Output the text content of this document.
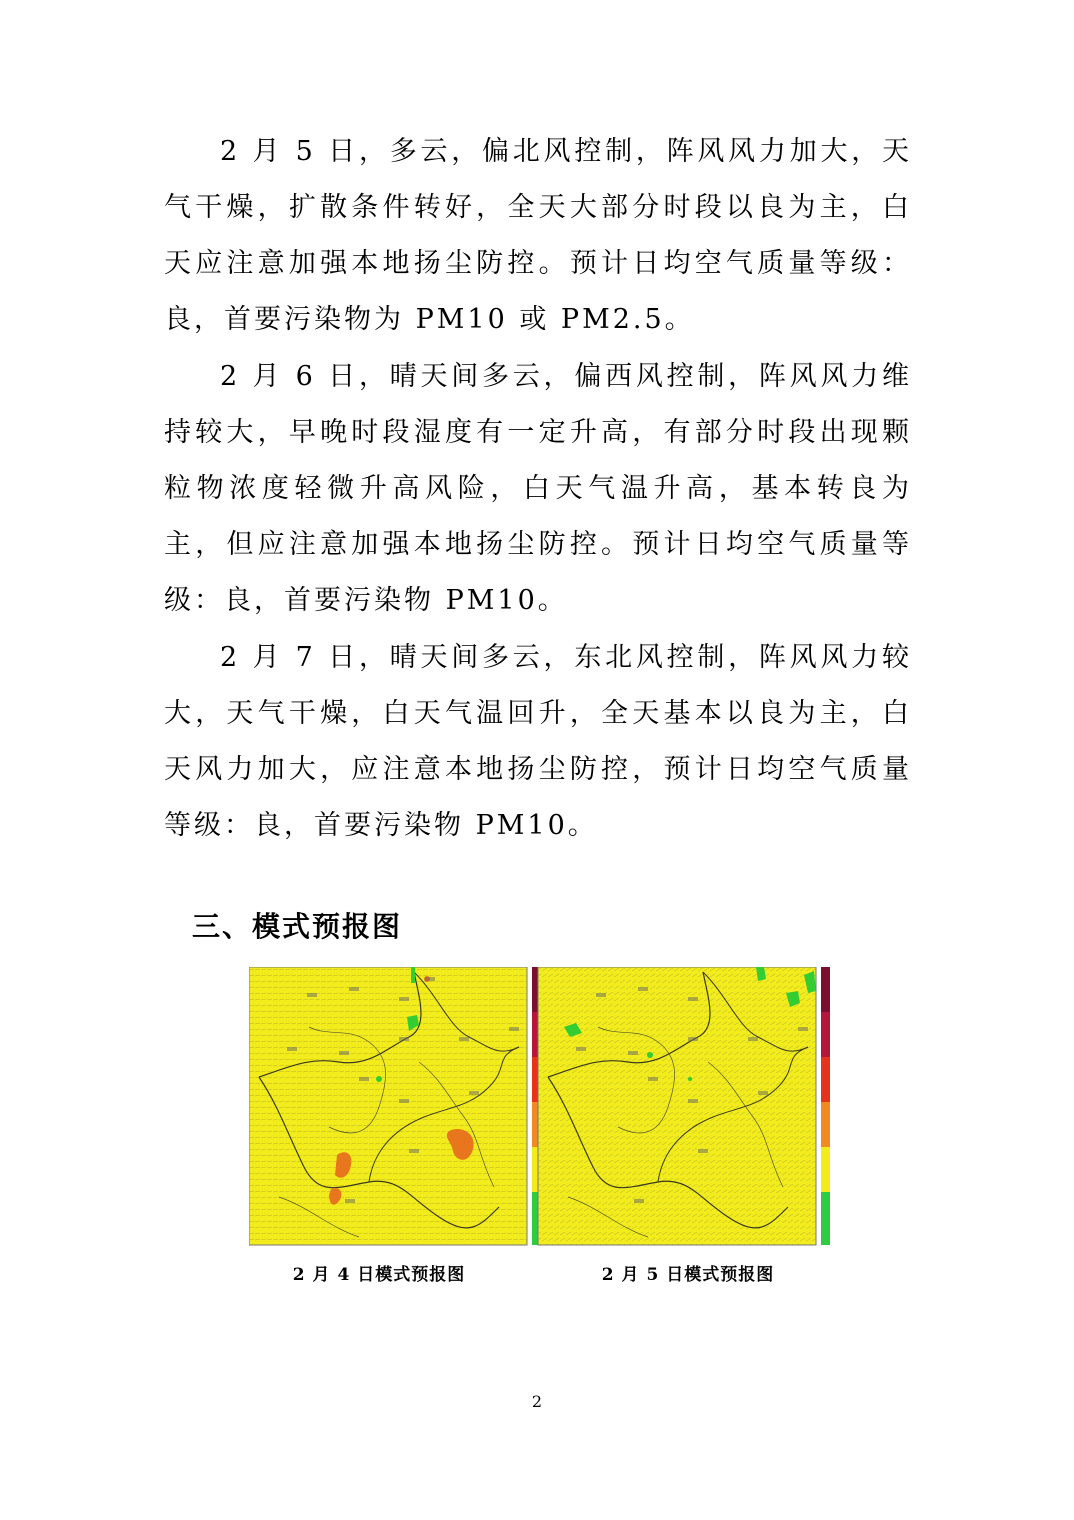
2 月 5 日，多云，偏北风控制，阵风风力加大，天气干燥，扩散条件转好，全天大部分时段以良为主，白天应注意加强本地扬尘防控。预计日均空气质量等级：良，首要污染物为 PM10 或 PM2.5。

2 月 6 日，晴天间多云，偏西风控制，阵风风力维持较大，早晚时段湿度有一定升高，有部分时段出现颗粒物浓度轻微升高风险，白天气温升高，基本转良为主，但应注意加强本地扬尘防控。预计日均空气质量等级：良，首要污染物 PM10。

2 月 7 日，晴天间多云，东北风控制，阵风风力较大，天气干燥，白天气温回升，全天基本以良为主，白天风力加大，应注意本地扬尘防控，预计日均空气质量等级：良，首要污染物 PM10。

三、模式预报图
2 月 4 日模式预报图	2 月 5 日模式预报图
2
